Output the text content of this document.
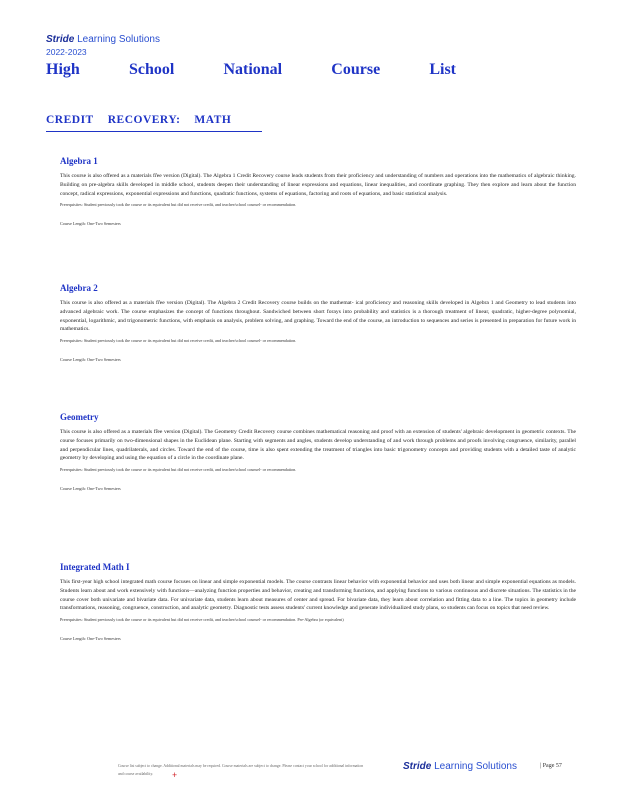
Stride Learning Solutions
2022-2023
High	School	National	Course	List
CREDIT RECOVERY: MATH
Algebra 1
This course is also offered as a materials fr̃ee version (Digital). The Algebra 1 Credit Recovery course leads students from their proficiency and understanding of numbers and operations into the mathematics of algebraic thinking. Building on pre-algebra skills developed in middle school, students deepen their understanding of linear expressions and equations, linear inequalities, and coordinate graphing. They then explore and learn about the function concept, radical expressions, exponential expressions and functions, quadratic functions, systems of equations, factoring and roots of equations, and basic statistical analysis.
Prerequisites: Student previously took the course or its equivalent but did not receive credit, and teacher/school counsel- or recommendation.
Course Length: One-Two Semesters
Algebra 2
This course is also offered as a materials fr̃ee version (Digital). The Algebra 2 Credit Recovery course builds on the mathemat- ical proficiency and reasoning skills developed in Algebra 1 and Geometry to lead students into advanced algebraic work. The course emphasizes the concept of functions throughout. Sandwiched between short forays into probability and statistics is a thorough treatment of linear, quadratic, higher-degree polynomial, exponential, logarithmic, and trigonometric functions, with emphasis on analysis, problem solving, and graphing. Toward the end of the course, an introduction to sequences and series is presented in preparation for future work in mathematics.
Prerequisites: Student previously took the course or its equivalent but did not receive credit, and teacher/school counsel- or recommendation.
Course Length: One-Two Semesters
Geometry
This course is also offered as a materials fr̃ee version (Digital). The Geometry Credit Recovery course combines mathematical reasoning and proof with an extension of students' algebraic development in geometric contexts. The course focuses primarily on two-dimensional shapes in the Euclidean plane. Starting with segments and angles, students develop understanding of and work through problems and proofs involving congruence, similarity, parallel and perpendicular lines, quadrilaterals, and circles. Toward the end of the course, time is also spent extending the treatment of triangles into basic trigonometry concepts and providing students with a detailed taste of analytic geometry by developing and using the equation of a circle in the coordinate plane.
Prerequisites: Student previously took the course or its equivalent but did not receive credit, and teacher/school counsel- or recommendation.
Course Length: One-Two Semesters
Integrated Math I
This first-year high school integrated math course focuses on linear and simple exponential models. The course contrasts linear behavior with exponential behavior and uses both linear and simple exponential equations as models. Students learn about and work extensively with functions—analyzing function properties and behavior, creating and transforming functions, and applying functions to various continuous and discrete situations. The statistics in the course cover both univariate and bivariate data. For univariate data, students learn about measures of center and spread. For bivariate data, they learn about correlation and fitting data to a line. The topics in geometry include transformations, reasoning, congruence, construction, and analytic geometry. Diagnostic tests assess students' current knowledge and generate individualized study plans, so students can focus on topics that need review.
Prerequisites: Student previously took the course or its equivalent but did not receive credit, and teacher/school counsel- or recommendation. Pre-Algebra (or equivalent)
Course Length: One-Two Semesters
Course list subject to change. Additional materials may be required. Course materials are subject to change. Please contact your school for additional information and course availability.	+
Stride Learning Solutions	| Page 57
